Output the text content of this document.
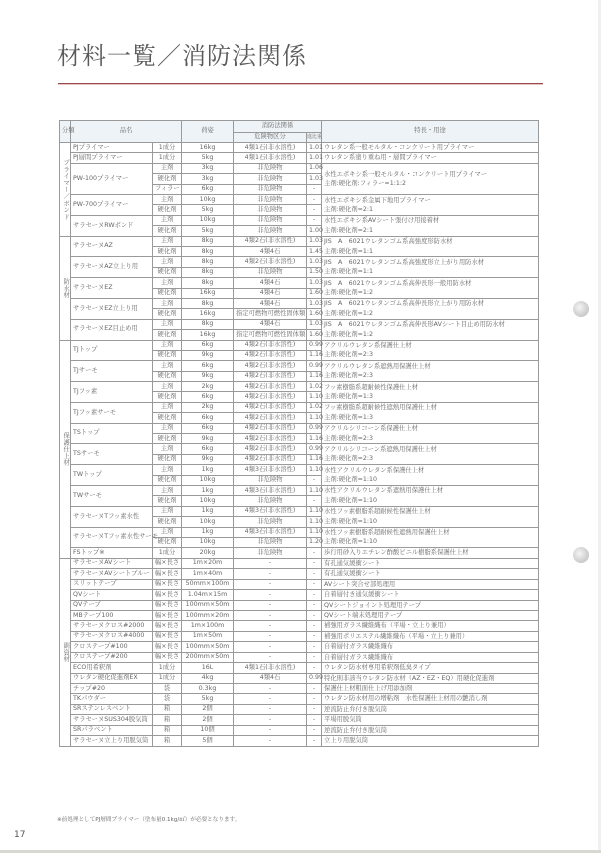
材料一覧／消防法関係
分類	品名		荷姿	消防法関係		特長・用途
				危険物区分	進比重	
プライマー／ボンド	PJプライマー	1成分	16kg	4類1石(非水溶性)	1.01	ウレタン系一般モルタル・コンクリート用プライマー

	PJ層間プライマー	1成分	5kg	4類1石(非水溶性)	1.01	ウレタン系塗り重ね用・層間プライマー

	PW-100プライマー	主剤	3kg	非危険物	1.06	水性エポキシ系一般モルタル・コンクリート用プライマー
主剤:硬化剤:フィラー=1:1:2

		硬化剤	3kg	非危険物	1.03	
		フィラー	6kg	非危険物	-	
	PW-700プライマー	主剤	10kg	非危険物	-	水性エポキシ系金属下地用プライマー
主剤:硬化剤=2:1

		硬化剤	5kg	非危険物	-	
	サラセーヌRWボンド	主剤	10kg	非危険物	-	水性エポキシ系AVシート張付け用接着材
主剤:硬化剤=2:1

		硬化剤	5kg	非危険物	1.00	
防水材	サラセーヌAZ	主剤	8kg	4類2石(非水溶性)	1.03	JIS　A　6021ウレタンゴム系高強度形防水材
主剤:硬化剤=1:1

		硬化剤	8kg	4類4石	1.45	
	サラセーヌAZ立上り用	主剤	8kg	4類2石(非水溶性)	1.03	JIS　A　6021ウレタンゴム系高強度形立上がり用防水材
主剤:硬化剤=1:1

		硬化剤	8kg	非危険物	1.50	
	サラセーヌEZ	主剤	8kg	4類4石	1.03	JIS　A　6021ウレタンゴム系高伸長形一般用防水材
主剤:硬化剤=1:2

		硬化剤	16kg	4類4石	1.60	
	サラセーヌEZ立上り用	主剤	8kg	4類4石	1.03	JIS　A　6021ウレタンゴム系高伸長形立上がり用防水材
主剤:硬化剤=1:2

		硬化剤	16kg	指定可燃物可燃性固体類	1.60	
	サラセーヌEZ目止め用	主剤	8kg	4類4石	1.03	JIS　A　6021ウレタンゴム系高伸長形AVシート目止め用防水材
主剤:硬化剤=1:2

		硬化剤	16kg	指定可燃物可燃性固体類	1.60	
保護仕上材	TJトップ	主剤	6kg	4類2石(非水溶性)	0.99	アクリルウレタン系保護仕上材
主剤:硬化剤=2:3

		硬化剤	9kg	4類2石(非水溶性)	1.16	
	TJサーモ	主剤	6kg	4類2石(非水溶性)	0.99	アクリルウレタン系遮熱用保護仕上材
主剤:硬化剤=2:3

		硬化剤	9kg	4類2石(非水溶性)	1.16	
	TJフッ素	主剤	2kg	4類2石(非水溶性)	1.02	フッ素樹脂系超耐候性保護仕上材
主剤:硬化剤=1:3

		硬化剤	6kg	4類2石(非水溶性)	1.10	
	TJフッ素サーモ	主剤	2kg	4類2石(非水溶性)	1.02	フッ素樹脂系超耐候性遮熱用保護仕上材
主剤:硬化剤=1:3

		硬化剤	6kg	4類2石(非水溶性)	1.10	
	TSトップ	主剤	6kg	4類2石(非水溶性)	0.99	アクリルシリコーン系保護仕上材
主剤:硬化剤=2:3

		硬化剤	9kg	4類2石(非水溶性)	1.16	
	TSサーモ	主剤	6kg	4類2石(非水溶性)	0.99	アクリルシリコーン系遮熱用保護仕上材
主剤:硬化剤=2:3

		硬化剤	9kg	4類2石(非水溶性)	1.16	
	TWトップ	主剤	1kg	4類3石(非水溶性)	1.10	水性アクリルウレタン系保護仕上材
主剤:硬化剤=1:10

		硬化剤	10kg	非危険物	-	
	TWサーモ	主剤	1kg	4類3石(非水溶性)	1.10	水性アクリルウレタン系遮熱用保護仕上材
主剤:硬化剤=1:10

		硬化剤	10kg	非危険物	-	
	サラセーヌTフッ素水性	主剤	1kg	4類3石(非水溶性)	1.10	水性フッ素樹脂系超耐候性保護仕上材
主剤:硬化剤=1:10

		硬化剤	10kg	非危険物	1.10	
	サラセーヌTフッ素水性サーモ	主剤	1kg	4類3石(非水溶性)	1.10	水性フッ素樹脂系超耐候性遮熱用保護仕上材
主剤:硬化剤=1:10

		硬化剤	10kg	非危険物	1.20	
	FSトップ※	1成分	20kg	非危険物	-	歩行用砂入りエチレン酢酸ビニル樹脂系保護仕上材

副資材	サラセーヌAVシート	幅×長さ	1m×20m	-	-	有孔通気緩衝シート

	サラセーヌAVシートブルー	幅×長さ	1m×40m	-	-	有孔通気緩衝シート

	スリットテープ	幅×長さ	50mm×100m	-	-	AVシート突合せ部処理用

	QVシート	幅×長さ	1.04m×15m	-	-	自着層付き通気緩衝シート

	QVテープ	幅×長さ	100mm×50m	-	-	QVシートジョイント処理用テープ

	MBテープ100	幅×長さ	100mm×20m	-	-	QVシート端末処理用テープ

	サラセーヌクロス#2000	幅×長さ	1m×100m	-	-	補強用ガラス繊維織布（平場・立上り兼用）

	サラセーヌクロス#4000	幅×長さ	1m×50m	-	-	補強用ポリエステル繊維織布（平場・立上り兼用）

	クロステープ#100	幅×長さ	100mm×50m	-	-	自着層付ガラス繊維織布

	クロステープ#200	幅×長さ	200mm×50m	-	-	自着層付ガラス繊維織布

	ECO用希釈剤	1成分	16L	4類1石(非水溶性)	-	ウレタン防水材専用希釈剤低臭タイプ

	ウレタン硬化促進剤EX	1成分	4kg	4類4石	0.99	特化則非該当ウレタン防水材（AZ・EZ・EQ）用硬化促進剤

	チップ#20	袋	0.3kg	-	-	保護仕上材粗面仕上げ用添加剤

	TKパウダー	袋	5kg	-	-	ウレタン防水材用の増粘剤　水性保護仕上材用の艶消し剤

	SRステンレスベント	箱	2個	-	-	逆流防止弁付き脱気筒

	サラセーヌSUS304脱気筒	箱	2個	-	-	平場用脱気筒

	SRパラベント	箱	10個	-	-	逆流防止弁付き脱気筒

	サラセーヌ立上り用脱気筒	箱	5個	-	-	立上り用脱気筒
※前処理としてPJ層間プライマー（塗布量0.1kg/㎡）が必要となります。
17
